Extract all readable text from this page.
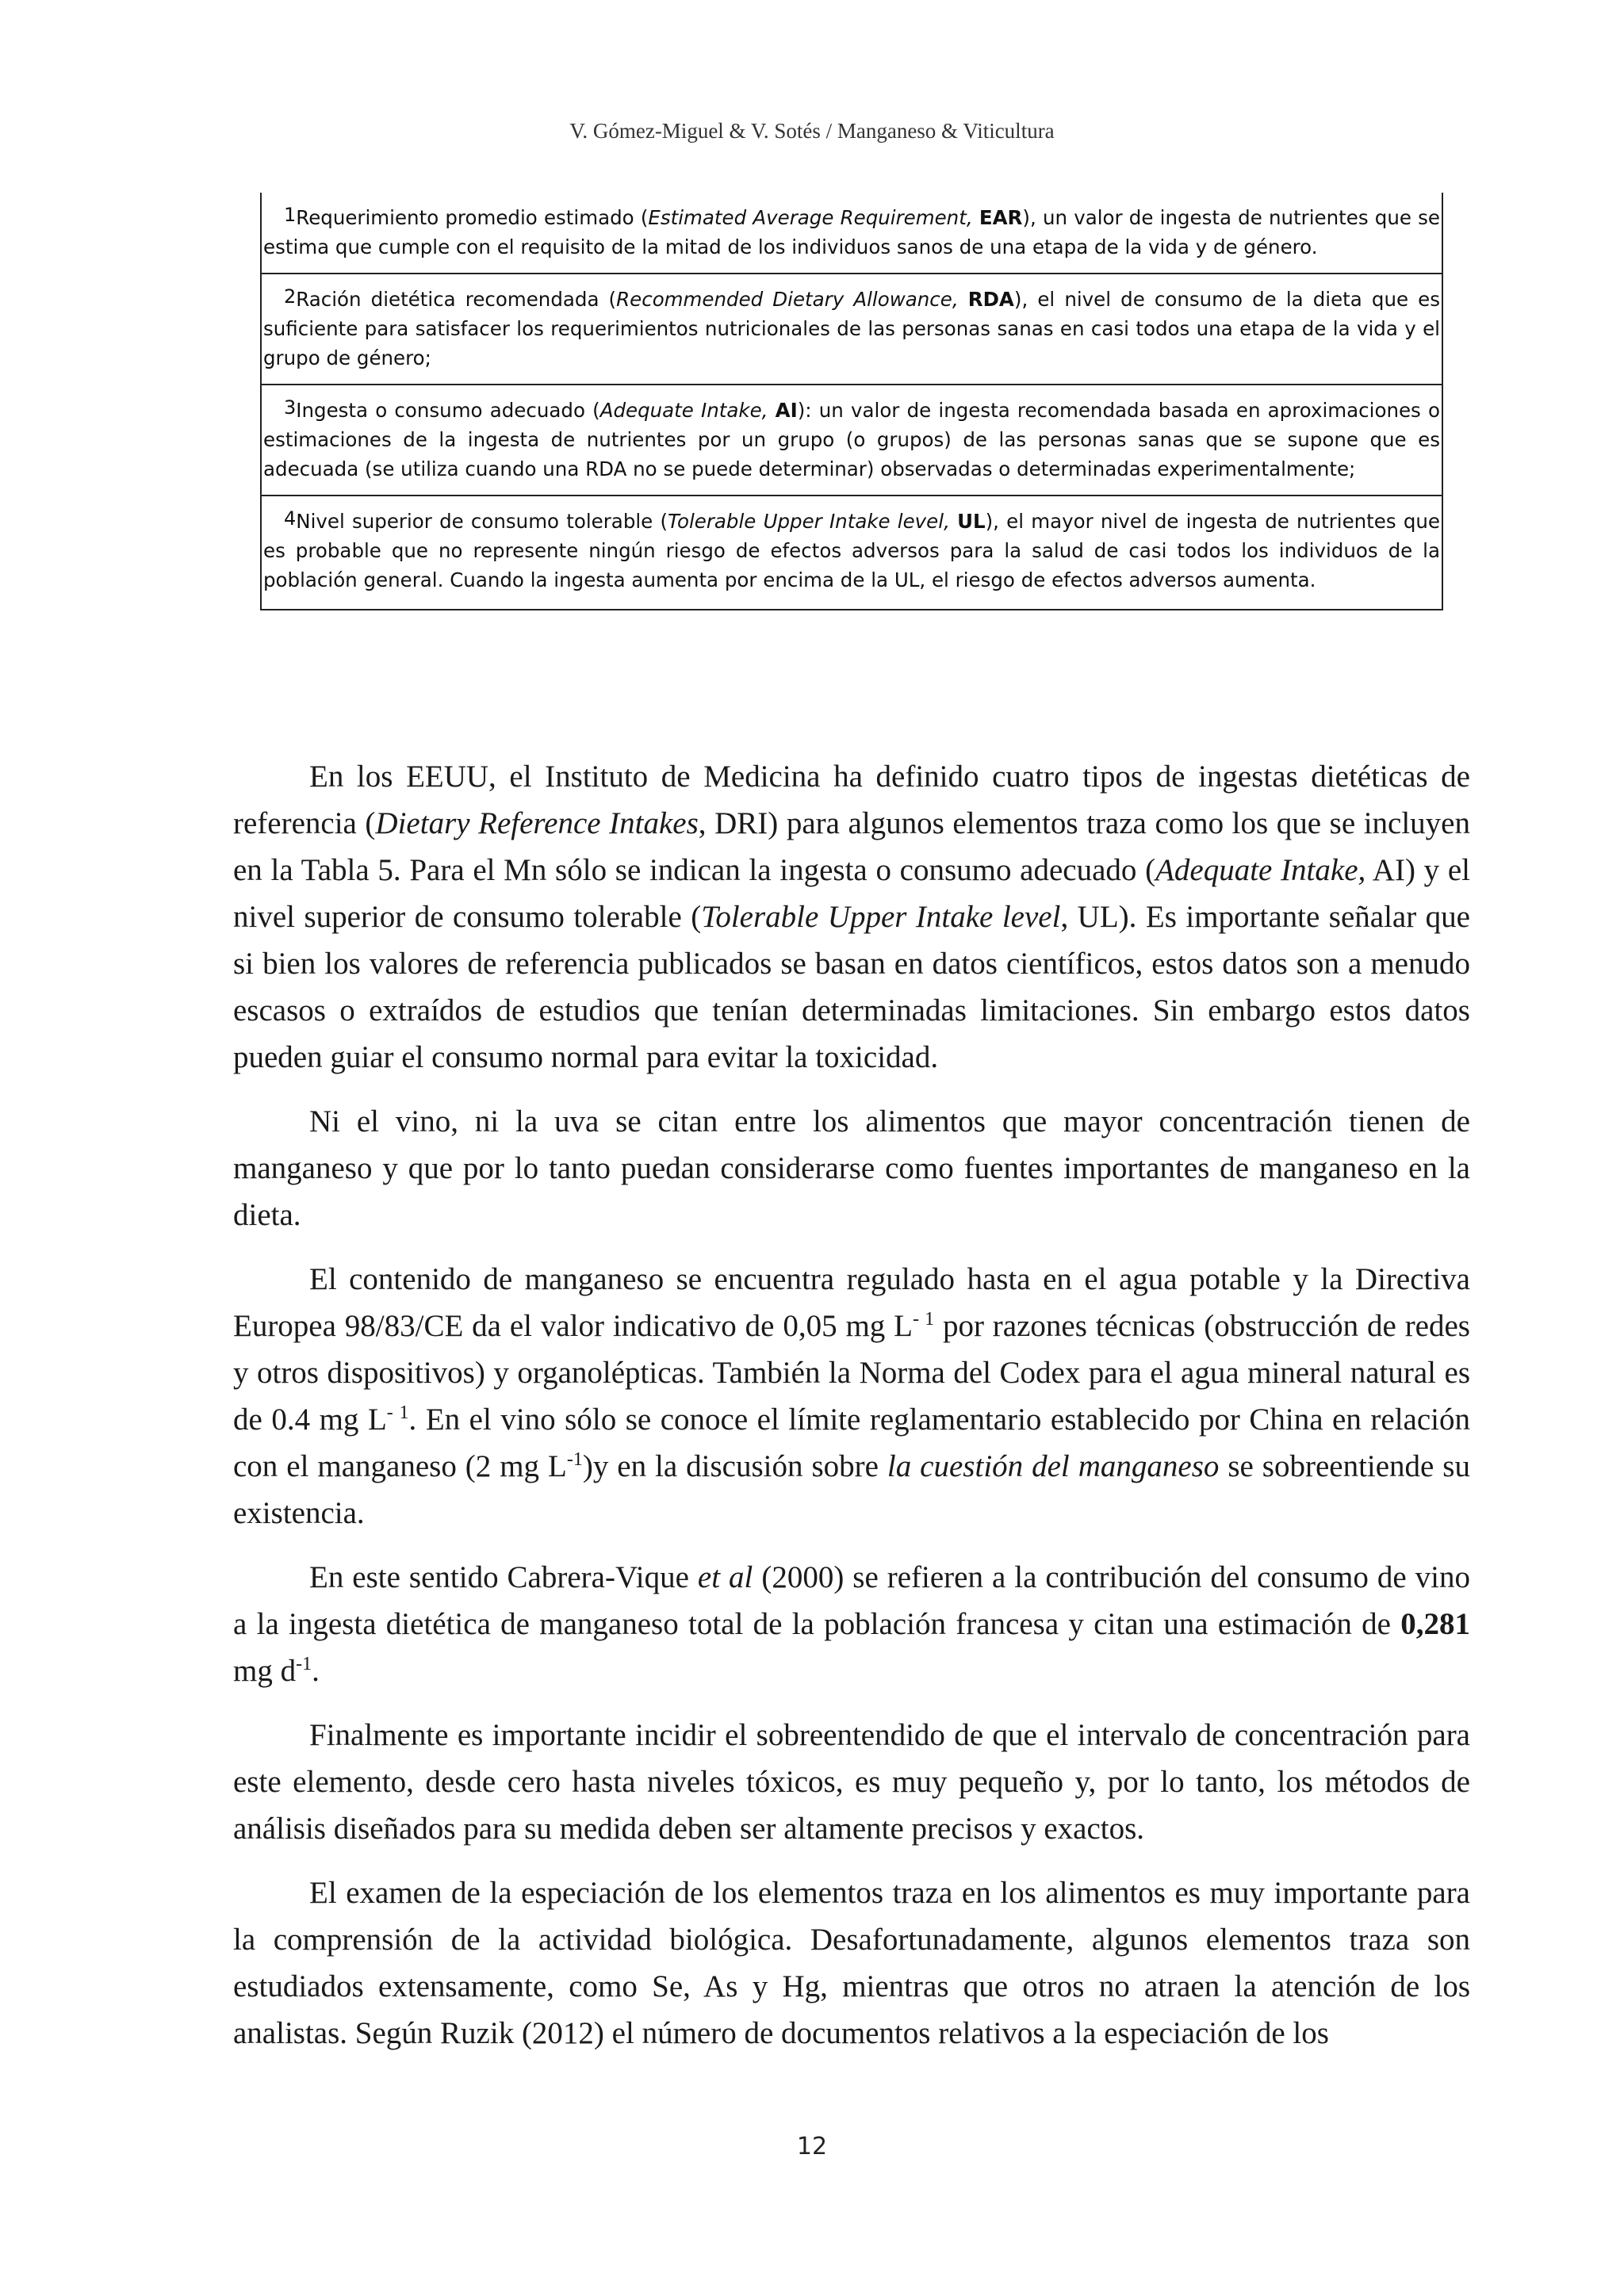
V. Gómez-Miguel & V. Sotés / Manganeso & Viticultura
1Requerimiento promedio estimado (Estimated Average Requirement, EAR), un valor de ingesta de nutrientes que se estima que cumple con el requisito de la mitad de los individuos sanos de una etapa de la vida y de género.
2Ración dietética recomendada (Recommended Dietary Allowance, RDA), el nivel de consumo de la dieta que es suficiente para satisfacer los requerimientos nutricionales de las personas sanas en casi todos una etapa de la vida y el grupo de género;
3Ingesta o consumo adecuado (Adequate Intake, AI): un valor de ingesta recomendada basada en aproximaciones o estimaciones de la ingesta de nutrientes por un grupo (o grupos) de las personas sanas que se supone que es adecuada (se utiliza cuando una RDA no se puede determinar) observadas o determinadas experimentalmente;
4Nivel superior de consumo tolerable (Tolerable Upper Intake level, UL), el mayor nivel de ingesta de nutrientes que es probable que no represente ningún riesgo de efectos adversos para la salud de casi todos los individuos de la población general. Cuando la ingesta aumenta por encima de la UL, el riesgo de efectos adversos aumenta.

En los EEUU, el Instituto de Medicina ha definido cuatro tipos de ingestas dietéticas de referencia (Dietary Reference Intakes, DRI) para algunos elementos traza como los que se incluyen en la Tabla 5. Para el Mn sólo se indican la ingesta o consumo adecuado (Adequate Intake, AI) y el nivel superior de consumo tolerable (Tolerable Upper Intake level, UL). Es importante señalar que si bien los valores de referencia publicados se basan en datos científicos, estos datos son a menudo escasos o extraídos de estudios que tenían determinadas limitaciones. Sin embargo estos datos pueden guiar el consumo normal para evitar la toxicidad.

Ni el vino, ni la uva se citan entre los alimentos que mayor concentración tienen de manganeso y que por lo tanto puedan considerarse como fuentes importantes de manganeso en la dieta.

El contenido de manganeso se encuentra regulado hasta en el agua potable y la Directiva Europea 98/83/CE da el valor indicativo de 0,05 mg $L^{- 1}$ por razones técnicas (obstrucción de redes y otros dispositivos) y organolépticas. También la Norma del Codex para el agua mineral natural es de 0.4 mg $L^{- 1}$. En el vino sólo se conoce el límite reglamentario establecido por China en relación con el manganeso (2 mg $L^{-1})y$ en la discusión sobre la cuestión del manganeso se sobreentiende su existencia.

En este sentido Cabrera-Vique et al (2000) se refieren a la contribución del consumo de vino a la ingesta dietética de manganeso total de la población francesa y citan una estimación de 0,281 mg $d^{-1}$.

Finalmente es importante incidir el sobreentendido de que el intervalo de concentración para este elemento, desde cero hasta niveles tóxicos, es muy pequeño y, por lo tanto, los métodos de análisis diseñados para su medida deben ser altamente precisos y exactos.

El examen de la especiación de los elementos traza en los alimentos es muy importante para la comprensión de la actividad biológica. Desafortunadamente, algunos elementos traza son estudiados extensamente, como Se, As y Hg, mientras que otros no atraen la atención de los analistas. Según Ruzik (2012) el número de documentos relativos a la especiación de los

12
